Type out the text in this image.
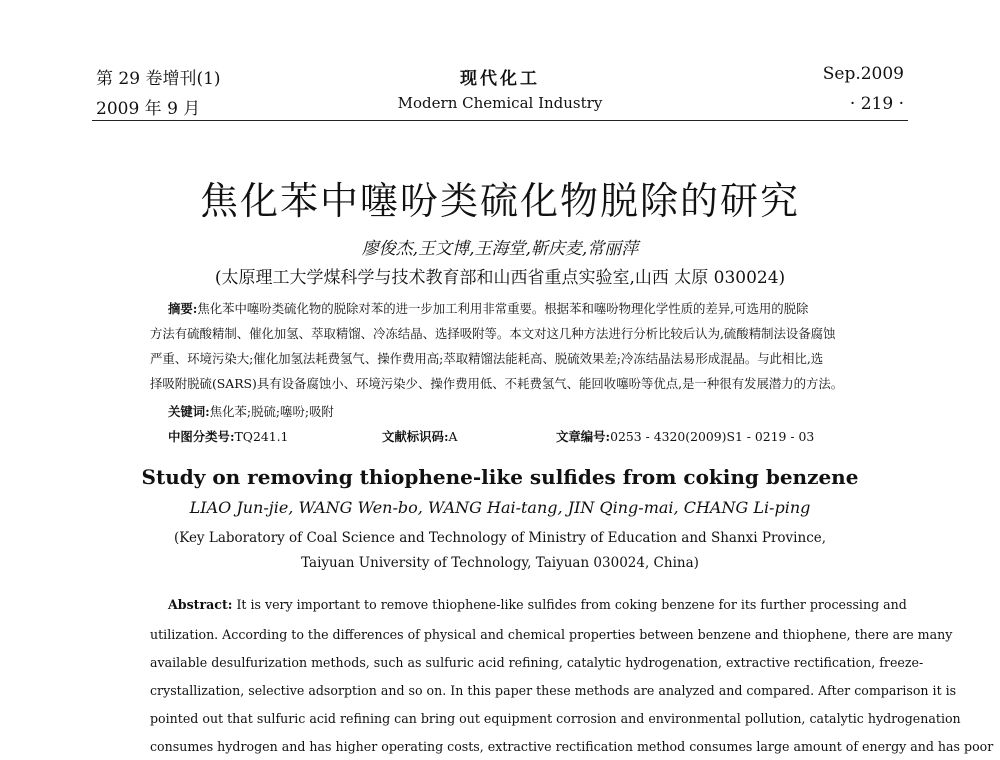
第 29 卷增刊(1)	现代化工	Sep.2009
2009 年 9 月	Modern Chemical Industry	· 219 ·
焦化苯中噻吩类硫化物脱除的研究
廖俊杰,王文博,王海堂,靳庆麦,常丽萍
(太原理工大学煤科学与技术教育部和山西省重点实验室,山西 太原 030024)
摘要:焦化苯中噻吩类硫化物的脱除对苯的进一步加工利用非常重要。根据苯和噻吩物理化学性质的差异,可选用的脱除
方法有硫酸精制、催化加氢、萃取精馏、冷冻结晶、选择吸附等。本文对这几种方法进行分析比较后认为,硫酸精制法设备腐蚀
严重、环境污染大;催化加氢法耗费氢气、操作费用高;萃取精馏法能耗高、脱硫效果差;冷冻结晶法易形成混晶。与此相比,选
择吸附脱硫(SARS)具有设备腐蚀小、环境污染少、操作费用低、不耗费氢气、能回收噻吩等优点,是一种很有发展潜力的方法。
关键词:焦化苯;脱硫;噻吩;吸附
中图分类号:TQ241.1	文献标识码:A	文章编号:0253 - 4320(2009)S1 - 0219 - 03
Study on removing thiophene-like sulfides from coking benzene
LIAO Jun-jie, WANG Wen-bo, WANG Hai-tang, JIN Qing-mai, CHANG Li-ping
(Key Laboratory of Coal Science and Technology of Ministry of Education and Shanxi Province,
Taiyuan University of Technology, Taiyuan 030024, China)
Abstract: It is very important to remove thiophene-like sulfides from coking benzene for its further processing and
utilization. According to the differences of physical and chemical properties between benzene and thiophene, there are many
available desulfurization methods, such as sulfuric acid refining, catalytic hydrogenation, extractive rectification, freeze-
crystallization, selective adsorption and so on. In this paper these methods are analyzed and compared. After comparison it is
pointed out that sulfuric acid refining can bring out equipment corrosion and environmental pollution, catalytic hydrogenation
consumes hydrogen and has higher operating costs, extractive rectification method consumes large amount of energy and has poor
